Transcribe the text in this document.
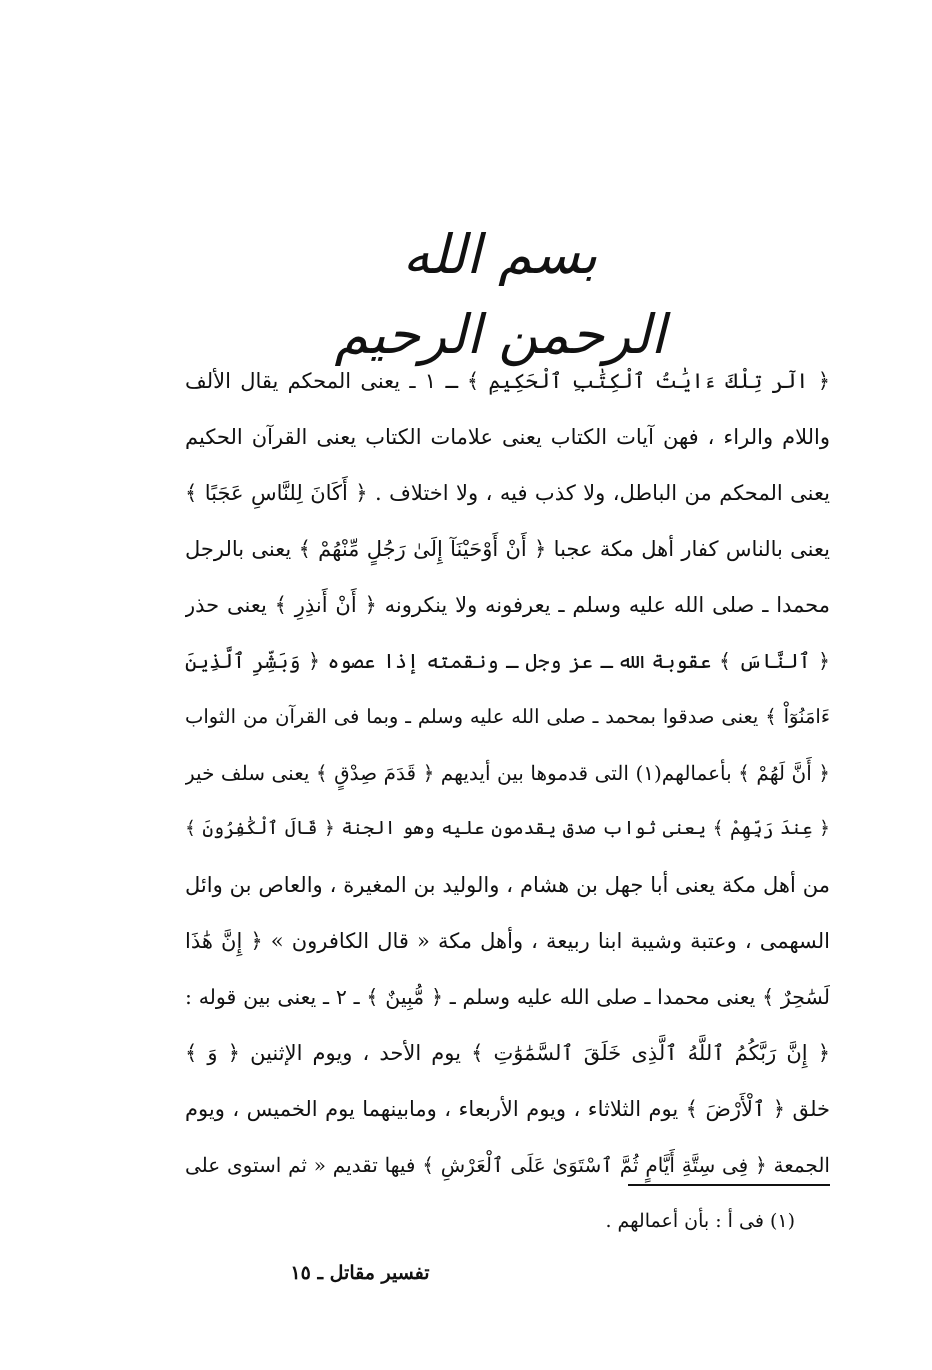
بسم الله الرحمن الرحيم
﴿ الٓر تِلْكَ ءَايَٰتُ ٱلْكِتَٰبِ ٱلْحَكِيمِ ﴾ ـ ١ ـ يعنى المحكم يقال الألف
واللام والراء ، فهن آيات الكتاب يعنى علامات الكتاب يعنى القرآن الحكيم
يعنى المحكم من الباطل، ولا كذب فيه ، ولا اختلاف . ﴿ أَكَانَ لِلنَّاسِ عَجَبًا ﴾
يعنى بالناس كفار أهل مكة عجبا ﴿ أَنْ أَوْحَيْنَآ إِلَىٰ رَجُلٍ مِّنْهُمْ ﴾ يعنى بالرجل
محمدا ـ صلى الله عليه وسلم ـ يعرفونه ولا ينكرونه ﴿ أَنْ أَنذِرِ ﴾ يعنى حذر
﴿ ٱلنَّاسَ ﴾ عقوبة الله ـ عز وجل ـ ونقمته إذا عصوه ﴿ وَبَشِّرِ ٱلَّذِينَ
ءَامَنُوٓاْ ﴾ يعنى صدقوا بمحمد ـ صلى الله عليه وسلم ـ وبما فى القرآن من الثواب
﴿ أَنَّ لَهُمْ ﴾ بأعمالهم(١) التى قدموها بين أيديهم ﴿ قَدَمَ صِدْقٍ ﴾ يعنى سلف خير
﴿ عِندَ رَبِّهِمْ ﴾ يعنى ثواب صدق يقدمون عليه وهو الجنة ﴿ قَالَ ٱلْكَٰفِرُونَ ﴾
من أهل مكة يعنى أبا جهل بن هشام ، والوليد بن المغيرة ، والعاص بن وائل
السهمى ، وعتبة وشيبة ابنا ربيعة ، وأهل مكة « قال الكافرون » ﴿ إِنَّ هَٰذَا
لَسَٰحِرٌ ﴾ يعنى محمدا ـ صلى الله عليه وسلم ـ ﴿ مُّبِينٌ ﴾ ـ ٢ ـ يعنى بين قوله :
﴿ إِنَّ رَبَّكُمُ ٱللَّهُ ٱلَّذِى خَلَقَ ٱلسَّمَٰوَٰتِ ﴾ يوم الأحد ، ويوم الإثنين ﴿ وَ ﴾
خلق ﴿ ٱلْأَرْضَ ﴾ يوم الثلاثاء ، ويوم الأربعاء ، ومابينهما يوم الخميس ، ويوم
الجمعة ﴿ فِى سِتَّةِ أَيَّامٍ ثُمَّ ٱسْتَوَىٰ عَلَى ٱلْعَرْشِ ﴾ فيها تقديم « ثم استوى على
(١) فى أ : بأن أعمالهم .
تفسير مقاتل ـ ١٥
